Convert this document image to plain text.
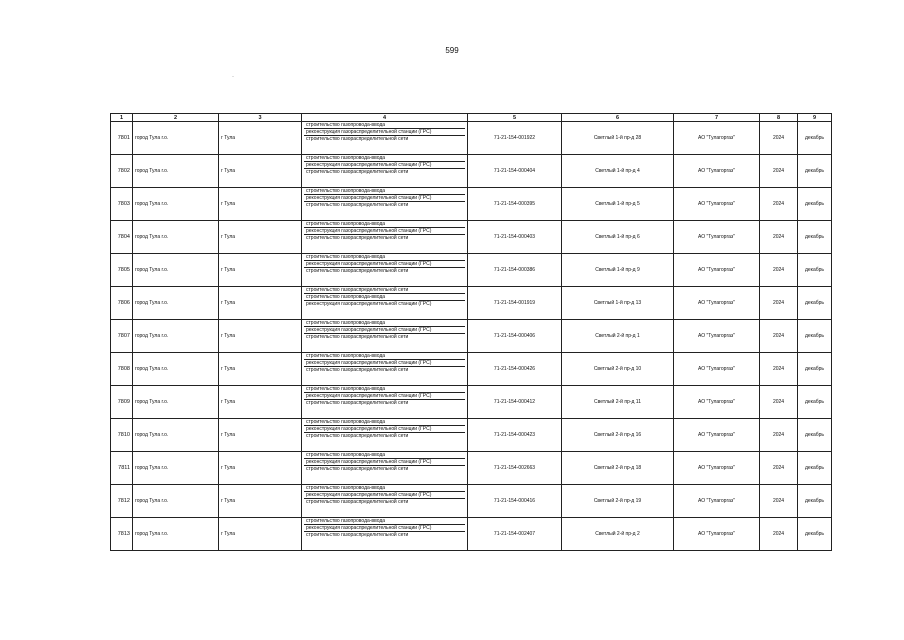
599
·
1	2	3	4	5	6	7	8	9
7801	город Тула г.о.	г Тула	строительство газопровода-ввода
реконструкция газораспределительной станции (ГРС)
строительство газораспределительной сети	71-21-154-001922	Светлый 1-й пр-д 28	АО "Тулагоргаз"	2024	декабрь
7802	город Тула г.о.	г Тула	строительство газопровода-ввода
реконструкция газораспределительной станции (ГРС)
строительство газораспределительной сети	71-21-154-000404	Светлый 1-й пр-д 4	АО "Тулагоргаз"	2024	декабрь
7803	город Тула г.о.	г Тула	строительство газопровода-ввода
реконструкция газораспределительной станции (ГРС)
строительство газораспределительной сети	71-21-154-000395	Светлый 1-й пр-д 5	АО "Тулагоргаз"	2024	декабрь
7804	город Тула г.о.	г Тула	строительство газопровода-ввода
реконструкция газораспределительной станции (ГРС)
строительство газораспределительной сети	71-21-154-000403	Светлый 1-й пр-д 6	АО "Тулагоргаз"	2024	декабрь
7805	город Тула г.о.	г Тула	строительство газопровода-ввода
реконструкция газораспределительной станции (ГРС)
строительство газораспределительной сети	71-21-154-000386	Светлый 1-й пр-д 9	АО "Тулагоргаз"	2024	декабрь
7806	город Тула г.о.	г Тула	строительство газораспределительной сети
строительство газопровода-ввода
реконструкция газораспределительной станции (ГРС)	71-21-154-001919	Светлый 1-й пр-д 13	АО "Тулагоргаз"	2024	декабрь
7807	город Тула г.о.	г Тула	строительство газопровода-ввода
реконструкция газораспределительной станции (ГРС)
строительство газораспределительной сети	71-21-154-000406	Светлый 2-й пр-д 1	АО "Тулагоргаз"	2024	декабрь
7808	город Тула г.о.	г Тула	строительство газопровода-ввода
реконструкция газораспределительной станции (ГРС)
строительство газораспределительной сети	71-21-154-000426	Светлый 2-й пр-д 10	АО "Тулагоргаз"	2024	декабрь
7809	город Тула г.о.	г Тула	строительство газопровода-ввода
реконструкция газораспределительной станции (ГРС)
строительство газораспределительной сети	71-21-154-000412	Светлый 2-й пр-д 11	АО "Тулагоргаз"	2024	декабрь
7810	город Тула г.о.	г Тула	строительство газопровода-ввода
реконструкция газораспределительной станции (ГРС)
строительство газораспределительной сети	71-21-154-000423	Светлый 2-й пр-д 16	АО "Тулагоргаз"	2024	декабрь
7811	город Тула г.о.	г Тула	строительство газопровода-ввода
реконструкция газораспределительной станции (ГРС)
строительство газораспределительной сети	71-21-154-002663	Светлый 2-й пр-д 18	АО "Тулагоргаз"	2024	декабрь
7812	город Тула г.о.	г Тула	строительство газопровода-ввода
реконструкция газораспределительной станции (ГРС)
строительство газораспределительной сети	71-21-154-000416	Светлый 2-й пр-д 19	АО "Тулагоргаз"	2024	декабрь
7813	город Тула г.о.	г Тула	строительство газопровода-ввода
реконструкция газораспределительной станции (ГРС)
строительство газораспределительной сети	71-21-154-002407	Светлый 2-й пр-д 2	АО "Тулагоргаз"	2024	декабрь
